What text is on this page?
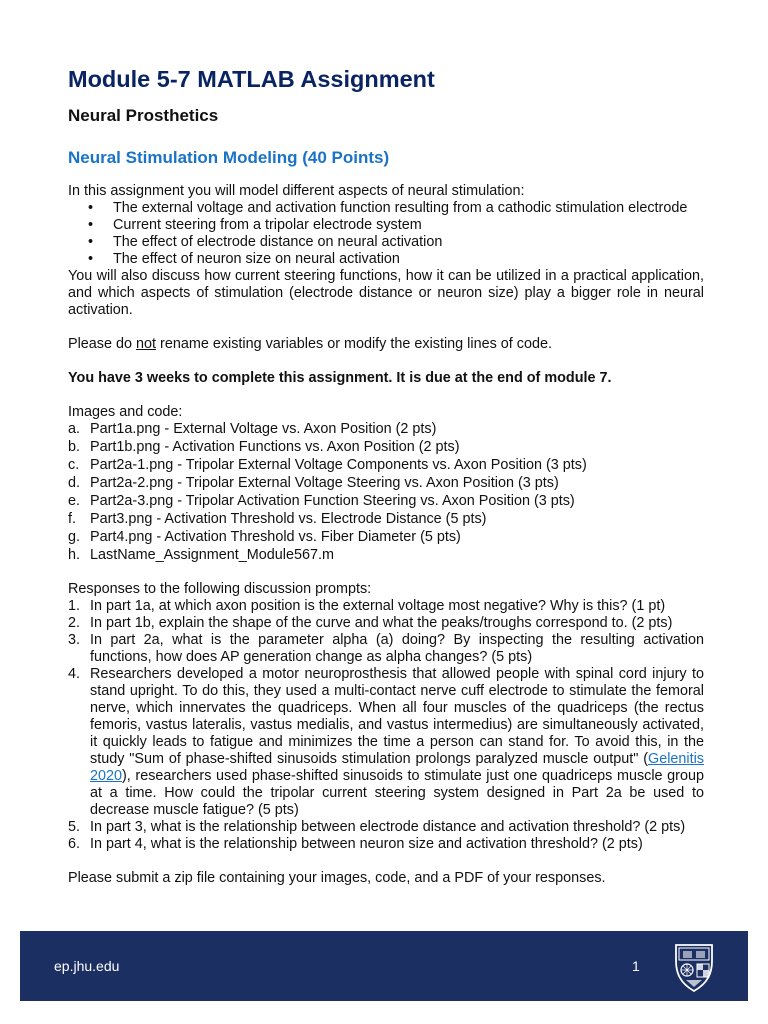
Module 5-7 MATLAB Assignment
Neural Prosthetics
Neural Stimulation Modeling (40 Points)

In this assignment you will model different aspects of neural stimulation:

• The external voltage and activation function resulting from a cathodic stimulation electrode
• Current steering from a tripolar electrode system
• The effect of electrode distance on neural activation
• The effect of neuron size on neural activation

You will also discuss how current steering functions, how it can be utilized in a practical application, and which aspects of stimulation (electrode distance or neuron size) play a bigger role in neural activation.

Please do not rename existing variables or modify the existing lines of code.

You have 3 weeks to complete this assignment. It is due at the end of module 7.

Images and code:

a. Part1a.png - External Voltage vs. Axon Position (2 pts)
b. Part1b.png - Activation Functions vs. Axon Position (2 pts)
c. Part2a-1.png - Tripolar External Voltage Components vs. Axon Position (3 pts)
d. Part2a-2.png - Tripolar External Voltage Steering vs. Axon Position (3 pts)
e. Part2a-3.png - Tripolar Activation Function Steering vs. Axon Position (3 pts)
f. Part3.png - Activation Threshold vs. Electrode Distance (5 pts)
g. Part4.png - Activation Threshold vs. Fiber Diameter (5 pts)
h. LastName_Assignment_Module567.m

Responses to the following discussion prompts:

1. In part 1a, at which axon position is the external voltage most negative? Why is this? (1 pt)
2. In part 1b, explain the shape of the curve and what the peaks/troughs correspond to. (2 pts)
3. In part 2a, what is the parameter alpha (a) doing? By inspecting the resulting activation functions, how does AP generation change as alpha changes? (5 pts)
4. Researchers developed a motor neuroprosthesis that allowed people with spinal cord injury to stand upright. To do this, they used a multi-contact nerve cuff electrode to stimulate the femoral nerve, which innervates the quadriceps. When all four muscles of the quadriceps (the rectus femoris, vastus lateralis, vastus medialis, and vastus intermedius) are simultaneously activated, it quickly leads to fatigue and minimizes the time a person can stand for. To avoid this, in the study "Sum of phase-shifted sinusoids stimulation prolongs paralyzed muscle output" (Gelenitis 2020), researchers used phase-shifted sinusoids to stimulate just one quadriceps muscle group at a time. How could the tripolar current steering system designed in Part 2a be used to decrease muscle fatigue? (5 pts)
5. In part 3, what is the relationship between electrode distance and activation threshold? (2 pts)
6. In part 4, what is the relationship between neuron size and activation threshold? (2 pts)

Please submit a zip file containing your images, code, and a PDF of your responses.

ep.jhu.edu	1
